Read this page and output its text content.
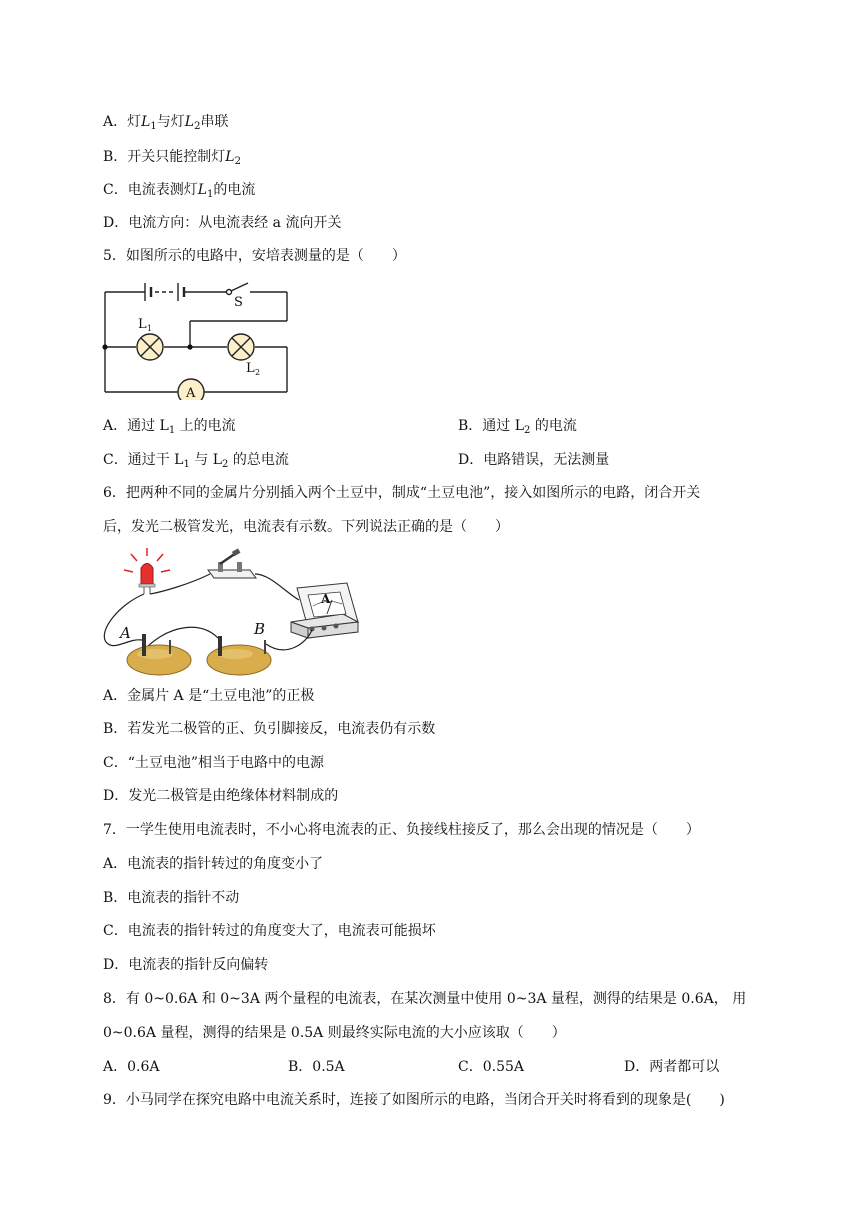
A．灯$L_1$与灯$L_2$串联
B．开关只能控制灯$L_2$
C．电流表测灯$L_1$的电流
D．电流方向：从电流表经 a 流向开关
5．如图所示的电路中，安培表测量的是（　　）
A
S
L 1
L 2
A．通过 $L_1$ 上的电流	B．通过 $L_2$ 的电流
C．通过干 $L_1$ 与 $L_2$ 的总电流	D．电路错误，无法测量
6．把两种不同的金属片分别插入两个土豆中，制成“土豆电池”，接入如图所示的电路，闭合开关
后，发光二极管发光，电流表有示数。下列说法正确的是（　　）
A
A	B
A．金属片 A 是“土豆电池”的正极
B．若发光二极管的正、负引脚接反，电流表仍有示数
C．“土豆电池”相当于电路中的电源
D．发光二极管是由绝缘体材料制成的
7．一学生使用电流表时，不小心将电流表的正、负接线柱接反了，那么会出现的情况是（　　）
A．电流表的指针转过的角度变小了
B．电流表的指针不动
C．电流表的指针转过的角度变大了，电流表可能损坏
D．电流表的指针反向偏转
8．有 0~0.6A 和 0~3A 两个量程的电流表，在某次测量中使用 0~3A 量程，测得的结果是 0.6A， 用
0~0.6A 量程，测得的结果是 0.5A 则最终实际电流的大小应该取（　　）
A．0.6A	B．0.5A	C．0.55A	D．两者都可以
9．小马同学在探究电路中电流关系时，连接了如图所示的电路，当闭合开关时将看到的现象是(　　)
